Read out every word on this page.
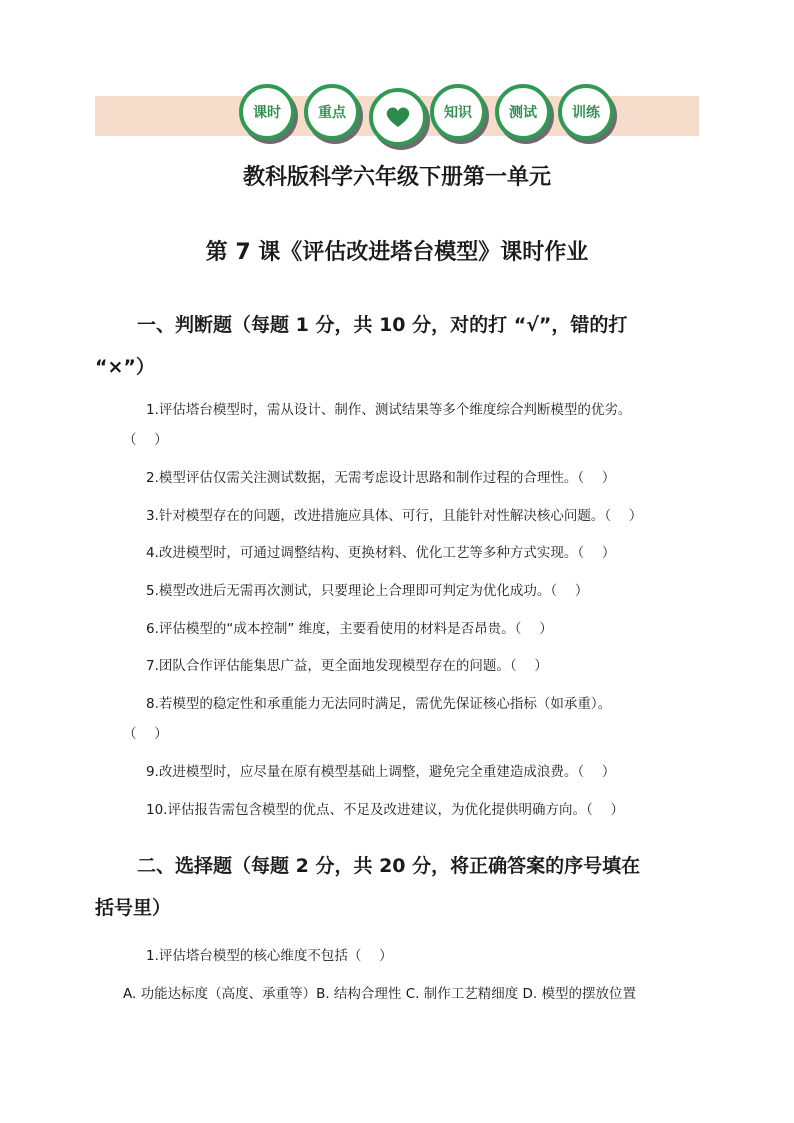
课时	重点	知识	测试	训练
教科版科学六年级下册第一单元
第 7 课《评估改进塔台模型》课时作业
一、判断题（每题 1 分，共 10 分，对的打 “√”，错的打
“×”）
1.评估塔台模型时，需从设计、制作、测试结果等多个维度综合判断模型的优劣。
（　 ）
2.模型评估仅需关注测试数据，无需考虑设计思路和制作过程的合理性。（　 ）
3.针对模型存在的问题，改进措施应具体、可行，且能针对性解决核心问题。（　 ）
4.改进模型时，可通过调整结构、更换材料、优化工艺等多种方式实现。（　 ）
5.模型改进后无需再次测试，只要理论上合理即可判定为优化成功。（　 ）
6.评估模型的“成本控制” 维度，主要看使用的材料是否昂贵。（　 ）
7.团队合作评估能集思广益，更全面地发现模型存在的问题。（　 ）
8.若模型的稳定性和承重能力无法同时满足，需优先保证核心指标（如承重）。
（　 ）
9.改进模型时，应尽量在原有模型基础上调整，避免完全重建造成浪费。（　 ）
10.评估报告需包含模型的优点、不足及改进建议，为优化提供明确方向。（　 ）
二、选择题（每题 2 分，共 20 分，将正确答案的序号填在
括号里）
1.评估塔台模型的核心维度不包括（　 ）
A. 功能达标度（高度、承重等）B. 结构合理性 C. 制作工艺精细度 D. 模型的摆放位置
